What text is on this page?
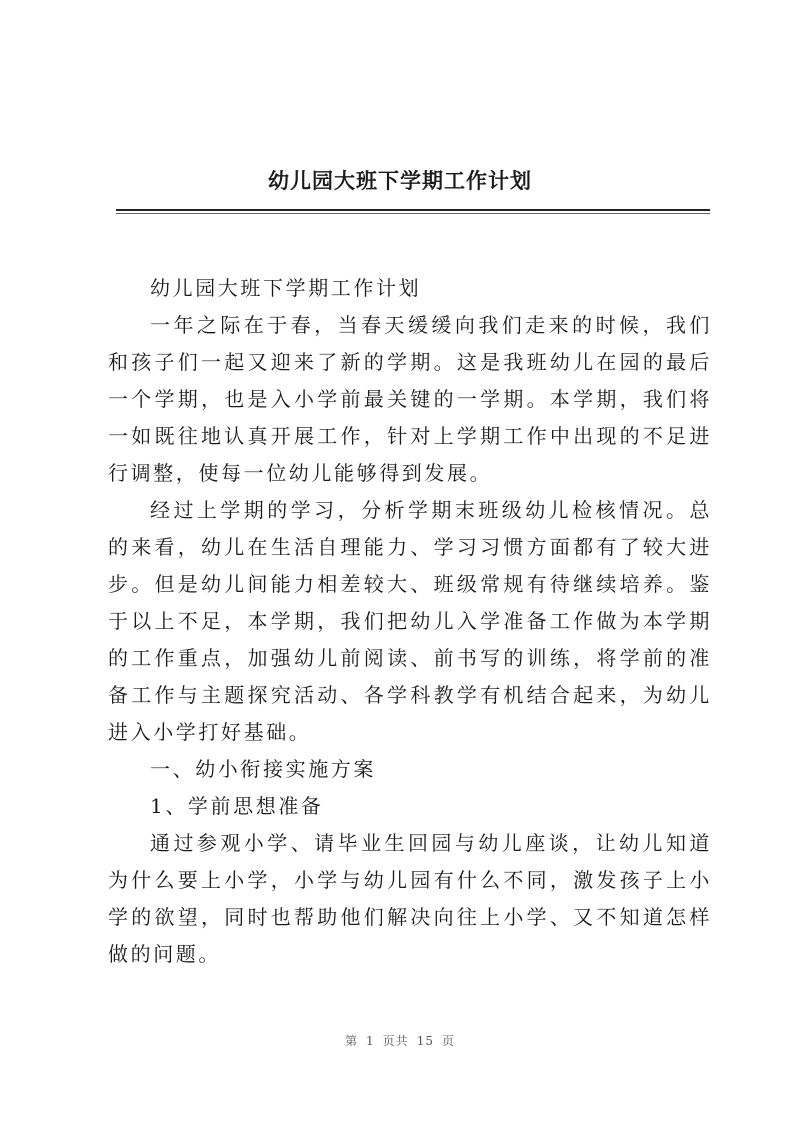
幼儿园大班下学期工作计划

幼儿园大班下学期工作计划

一年之际在于春，当春天缓缓向我们走来的时候，我们和孩子们一起又迎来了新的学期。这是我班幼儿在园的最后一个学期，也是入小学前最关键的一学期。本学期，我们将一如既往地认真开展工作，针对上学期工作中出现的不足进行调整，使每一位幼儿能够得到发展。

经过上学期的学习，分析学期末班级幼儿检核情况。总的来看，幼儿在生活自理能力、学习习惯方面都有了较大进步。但是幼儿间能力相差较大、班级常规有待继续培养。鉴于以上不足，本学期，我们把幼儿入学准备工作做为本学期的工作重点，加强幼儿前阅读、前书写的训练，将学前的准备工作与主题探究活动、各学科教学有机结合起来，为幼儿进入小学打好基础。

一、幼小衔接实施方案

1、学前思想准备

通过参观小学、请毕业生回园与幼儿座谈，让幼儿知道为什么要上小学，小学与幼儿园有什么不同，激发孩子上小学的欲望，同时也帮助他们解决向往上小学、又不知道怎样做的问题。

第 1 页共 15 页
